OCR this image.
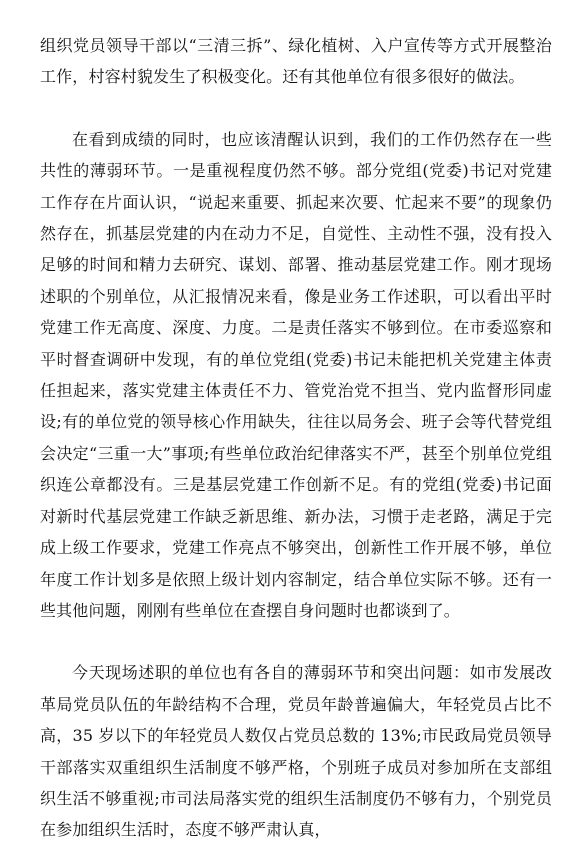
组织党员领导干部以“三清三拆”、绿化植树、入户宣传等方式开展整治工作，村容村貌发生了积极变化。还有其他单位有很多很好的做法。

在看到成绩的同时，也应该清醒认识到，我们的工作仍然存在一些共性的薄弱环节。一是重视程度仍然不够。部分党组(党委)书记对党建工作存在片面认识，“说起来重要、抓起来次要、忙起来不要”的现象仍然存在，抓基层党建的内在动力不足，自觉性、主动性不强，没有投入足够的时间和精力去研究、谋划、部署、推动基层党建工作。刚才现场述职的个别单位，从汇报情况来看，像是业务工作述职，可以看出平时党建工作无高度、深度、力度。二是责任落实不够到位。在市委巡察和平时督查调研中发现，有的单位党组(党委)书记未能把机关党建主体责任担起来，落实党建主体责任不力、管党治党不担当、党内监督形同虚设;有的单位党的领导核心作用缺失，往往以局务会、班子会等代替党组会决定“三重一大”事项;有些单位政治纪律落实不严，甚至个别单位党组织连公章都没有。三是基层党建工作创新不足。有的党组(党委)书记面对新时代基层党建工作缺乏新思维、新办法，习惯于走老路，满足于完成上级工作要求，党建工作亮点不够突出，创新性工作开展不够，单位年度工作计划多是依照上级计划内容制定，结合单位实际不够。还有一些其他问题，刚刚有些单位在查摆自身问题时也都谈到了。

今天现场述职的单位也有各自的薄弱环节和突出问题：如市发展改革局党员队伍的年龄结构不合理，党员年龄普遍偏大，年轻党员占比不高，35 岁以下的年轻党员人数仅占党员总数的 13%;市民政局党员领导干部落实双重组织生活制度不够严格，个别班子成员对参加所在支部组织生活不够重视;市司法局落实党的组织生活制度仍不够有力，个别党员在参加组织生活时，态度不够严肃认真，
